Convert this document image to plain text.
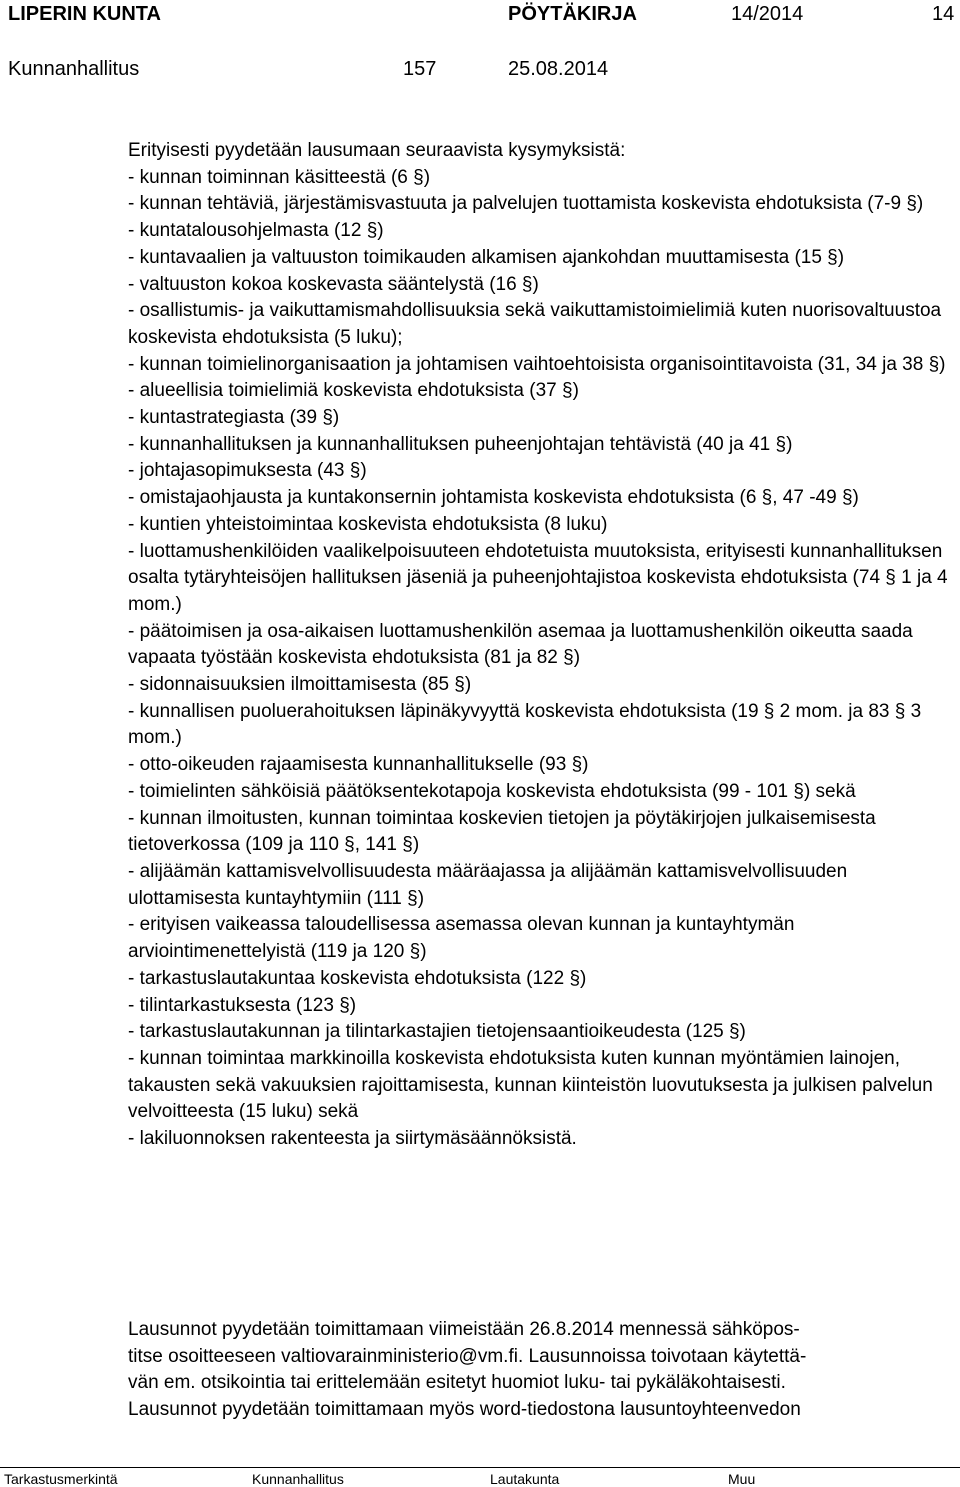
LIPERIN KUNTA	PÖYTÄKIRJA	14/2014	14
Kunnanhallitus	157	25.08.2014
Erityisesti pyydetään lausumaan seuraavista kysymyksistä:
- kunnan toiminnan käsitteestä (6 §)
- kunnan tehtäviä, järjestämisvastuuta ja palvelujen tuottamista koskevista ehdotuksista (7-9 §)
- kuntatalousohjelmasta (12 §)
- kuntavaalien ja valtuuston toimikauden alkamisen ajankohdan muuttamisesta (15 §)
- valtuuston kokoa koskevasta sääntelystä (16 §)
- osallistumis- ja vaikuttamismahdollisuuksia sekä vaikuttamistoimielimiä kuten nuorisovaltuustoa koskevista ehdotuksista (5 luku);
- kunnan toimielinorganisaation ja johtamisen vaihtoehtoisista organisointitavoista (31, 34 ja 38 §)
- alueellisia toimielimiä koskevista ehdotuksista (37 §)
- kuntastrategiasta (39 §)
- kunnanhallituksen ja kunnanhallituksen puheenjohtajan tehtävistä (40 ja 41 §)
- johtajasopimuksesta (43 §)
- omistajaohjausta ja kuntakonsernin johtamista koskevista ehdotuksista (6 §, 47 -49 §)
- kuntien yhteistoimintaa koskevista ehdotuksista (8 luku)
- luottamushenkilöiden vaalikelpoisuuteen ehdotetuista muutoksista, erityisesti kunnanhallituksen osalta tytäryhteisöjen hallituksen jäseniä ja puheenjohtajistoa koskevista ehdotuksista (74 § 1 ja 4 mom.)
- päätoimisen ja osa-aikaisen luottamushenkilön asemaa ja luottamushenkilön oikeutta saada vapaata työstään koskevista ehdotuksista (81 ja 82 §)
- sidonnaisuuksien ilmoittamisesta (85 §)
- kunnallisen puoluerahoituksen läpinäkyvyyttä koskevista ehdotuksista (19 § 2 mom. ja 83 § 3 mom.)
- otto-oikeuden rajaamisesta kunnanhallitukselle (93 §)
- toimielinten sähköisiä päätöksentekotapoja koskevista ehdotuksista (99 - 101 §) sekä
- kunnan ilmoitusten, kunnan toimintaa koskevien tietojen ja pöytäkirjojen julkaisemisesta tietoverkossa (109 ja 110 §, 141 §)
- alijäämän kattamisvelvollisuudesta määräajassa ja alijäämän kattamisvelvollisuuden ulottamisesta kuntayhtymiin (111 §)
- erityisen vaikeassa taloudellisessa asemassa olevan kunnan ja kuntayhtymän arviointimenettelyistä (119 ja 120 §)
- tarkastuslautakuntaa koskevista ehdotuksista (122 §)
- tilintarkastuksesta (123 §)
- tarkastuslautakunnan ja tilintarkastajien tietojensaantioikeudesta (125 §)
- kunnan toimintaa markkinoilla koskevista ehdotuksista kuten kunnan myöntämien lainojen, takausten sekä vakuuksien rajoittamisesta, kunnan kiinteistön luovutuksesta ja julkisen palvelun velvoitteesta (15 luku) sekä
- lakiluonnoksen rakenteesta ja siirtymäsäännöksistä.
Lausunnot pyydetään toimittamaan viimeistään 26.8.2014 mennessä sähköpos-
titse osoitteeseen valtiovarainministerio@vm.fi. Lausunnoissa toivotaan käytettä-
vän em. otsikointia tai erittelemään esitetyt huomiot luku- tai pykäläkohtaisesti.
Lausunnot pyydetään toimittamaan myös word-tiedostona lausuntoyhteenvedon
Tarkastusmerkintä	Kunnanhallitus	Lautakunta	Muu
